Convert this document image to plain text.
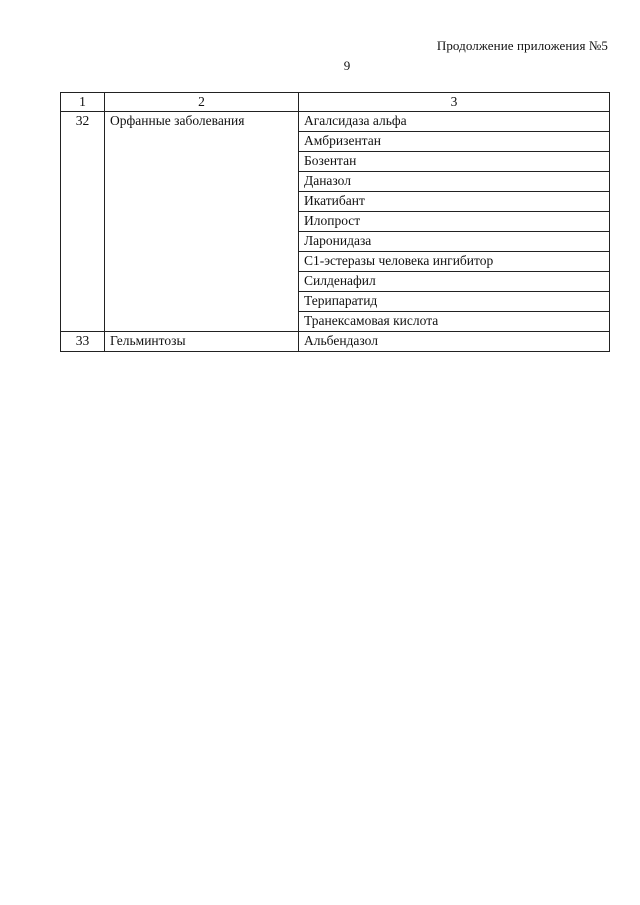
Продолжение приложения №5
9
1	2	3
32	Орфанные заболевания	Агалсидаза альфа
		Амбризентан
		Бозентан
		Даназол
		Икатибант
		Илопрост
		Ларонидаза
		С1-эстеразы человека ингибитор
		Силденафил
		Терипаратид
		Транексамовая кислота
33	Гельминтозы	Альбендазол
